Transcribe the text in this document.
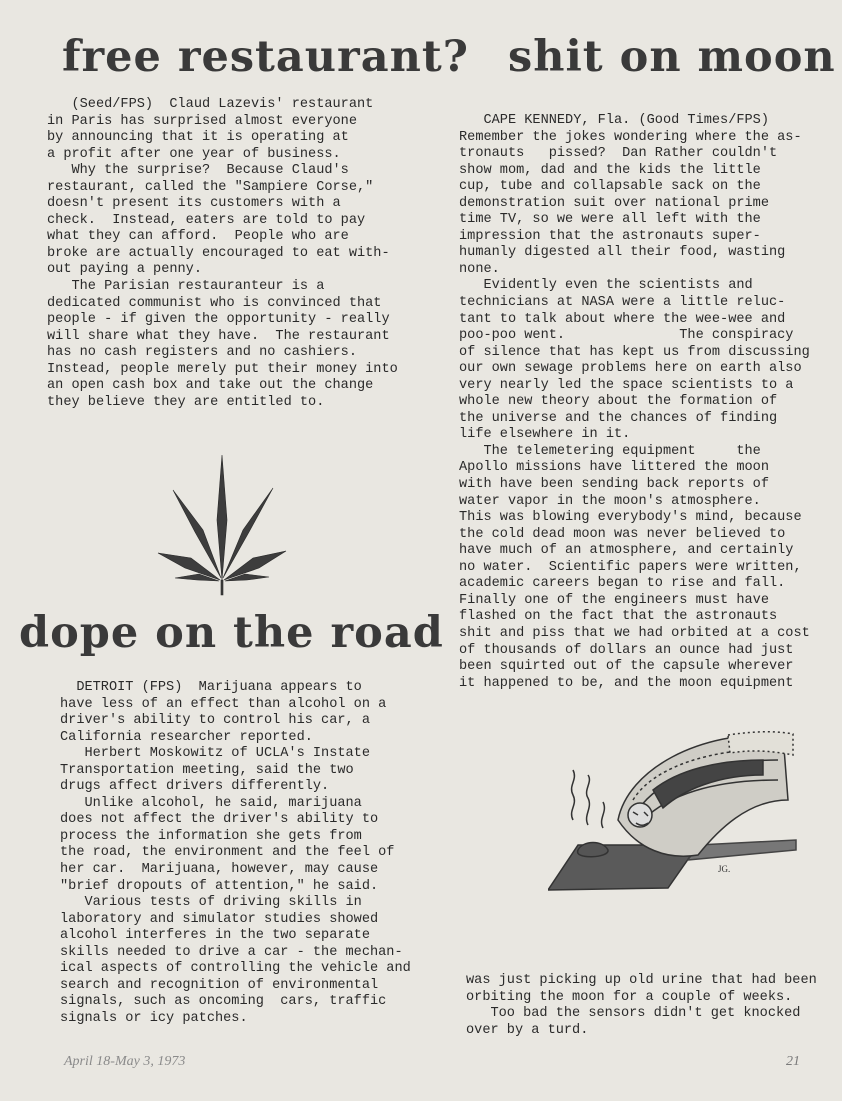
free restaurant?

(Seed/FPS)  Claud Lazevis' restaurant

in Paris has surprised almost everyone

by announcing that it is operating at

a profit after one year of business.

Why the surprise?  Because Claud's

restaurant, called the "Sampiere Corse,"

doesn't present its customers with a

check.  Instead, eaters are told to pay

what they can afford.  People who are

broke are actually encouraged to eat with-

out paying a penny.

The Parisian restauranteur is a

dedicated communist who is convinced that

people - if given the opportunity - really

will share what they have.  The restaurant

has no cash registers and no cashiers.

Instead, people merely put their money into

an open cash box and take out the change

they believe they are entitled to.

dope on the road

DETROIT (FPS)  Marijuana appears to

have less of an effect than alcohol on a

driver's ability to control his car, a

California researcher reported.

Herbert Moskowitz of UCLA's Instate

Transportation meeting, said the two

drugs affect drivers differently.

Unlike alcohol, he said, marijuana

does not affect the driver's ability to

process the information she gets from

the road, the environment and the feel of

her car.  Marijuana, however, may cause

"brief dropouts of attention," he said.

Various tests of driving skills in

laboratory and simulator studies showed

alcohol interferes in the two separate

skills needed to drive a car - the mechan-

ical aspects of controlling the vehicle and

search and recognition of environmental

signals, such as oncoming  cars, traffic

signals or icy patches.

shit on moon

CAPE KENNEDY, Fla. (Good Times/FPS)

Remember the jokes wondering where the as-

tronauts   pissed?  Dan Rather couldn't

show mom, dad and the kids the little

cup, tube and collapsable sack on the

demonstration suit over national prime

time TV, so we were all left with the

impression that the astronauts super-

humanly digested all their food, wasting

none.

Evidently even the scientists and

technicians at NASA were a little reluc-

tant to talk about where the wee-wee and

poo-poo went.              The conspiracy

of silence that has kept us from discussing

our own sewage problems here on earth also

very nearly led the space scientists to a

whole new theory about the formation of

the universe and the chances of finding

life elsewhere in it.

The telemetering equipment     the

Apollo missions have littered the moon

with have been sending back reports of

water vapor in the moon's atmosphere.

This was blowing everybody's mind, because

the cold dead moon was never believed to

have much of an atmosphere, and certainly

no water.  Scientific papers were written,

academic careers began to rise and fall.

Finally one of the engineers must have

flashed on the fact that the astronauts

shit and piss that we had orbited at a cost

of thousands of dollars an ounce had just

been squirted out of the capsule wherever

it happened to be, and the moon equipment

JG.

was just picking up old urine that had been

orbiting the moon for a couple of weeks.

Too bad the sensors didn't get knocked

over by a turd.

April 18-May 3, 1973	21
